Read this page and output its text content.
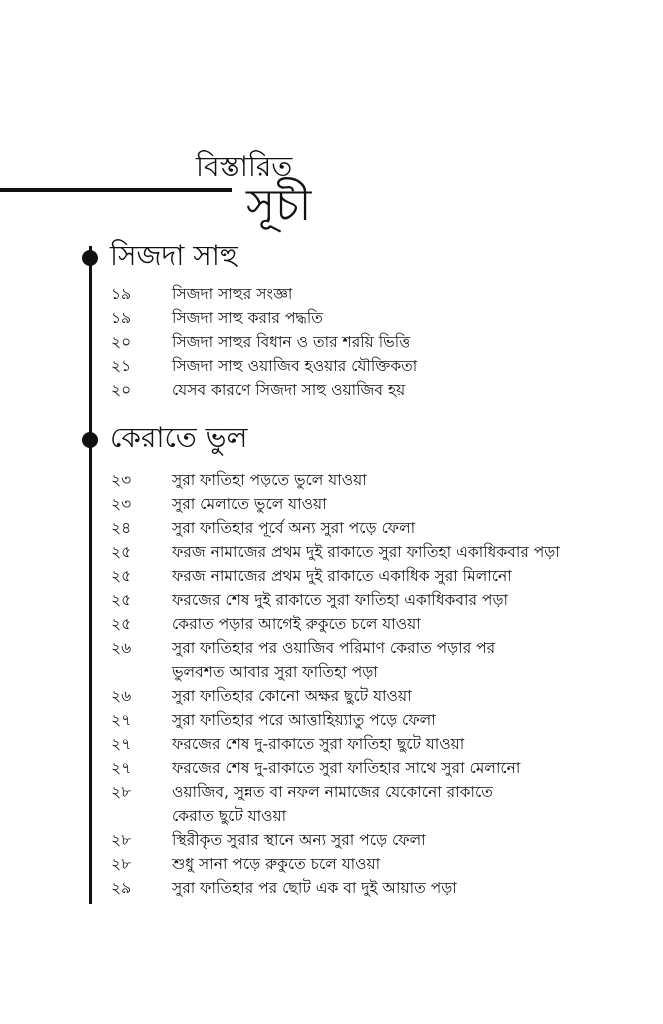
বিস্তারিত
সূচী
সিজদা সাহু
১৯	সিজদা সাহুর সংজ্ঞা
১৯	সিজদা সাহু করার পদ্ধতি
২০	সিজদা সাহুর বিধান ও তার শরয়ি ভিত্তি
২১	সিজদা সাহু ওয়াজিব হওয়ার যৌক্তিকতা
২০	যেসব কারণে সিজদা সাহু ওয়াজিব হয়
কেরাতে ভুল
২৩	সুরা ফাতিহা পড়তে ভুলে যাওয়া
২৩	সুরা মেলাতে ভুলে যাওয়া
২৪	সুরা ফাতিহার পূর্বে অন্য সুরা পড়ে ফেলা
২৫	ফরজ নামাজের প্রথম দুই রাকাতে সুরা ফাতিহা একাধিকবার পড়া
২৫	ফরজ নামাজের প্রথম দুই রাকাতে একাধিক সুরা মিলানো
২৫	ফরজের শেষ দুই রাকাতে সুরা ফাতিহা একাধিকবার পড়া
২৫	কেরাত পড়ার আগেই রুকুতে চলে যাওয়া
২৬	সুরা ফাতিহার পর ওয়াজিব পরিমাণ কেরাত পড়ার পর ভুলবশত আবার সুরা ফাতিহা পড়া
২৬	সুরা ফাতিহার কোনো অক্ষর ছুটে যাওয়া
২৭	সুরা ফাতিহার পরে আত্তাহিয়্যাতু পড়ে ফেলা
২৭	ফরজের শেষ দু-রাকাতে সুরা ফাতিহা ছুটে যাওয়া
২৭	ফরজের শেষ দু-রাকাতে সুরা ফাতিহার সাথে সুরা মেলানো
২৮	ওয়াজিব, সুন্নত বা নফল নামাজের যেকোনো রাকাতে কেরাত ছুটে যাওয়া
২৮	স্থিরীকৃত সুরার স্থানে অন্য সুরা পড়ে ফেলা
২৮	শুধু সানা পড়ে রুকুতে চলে যাওয়া
২৯	সুরা ফাতিহার পর ছোট এক বা দুই আয়াত পড়া
